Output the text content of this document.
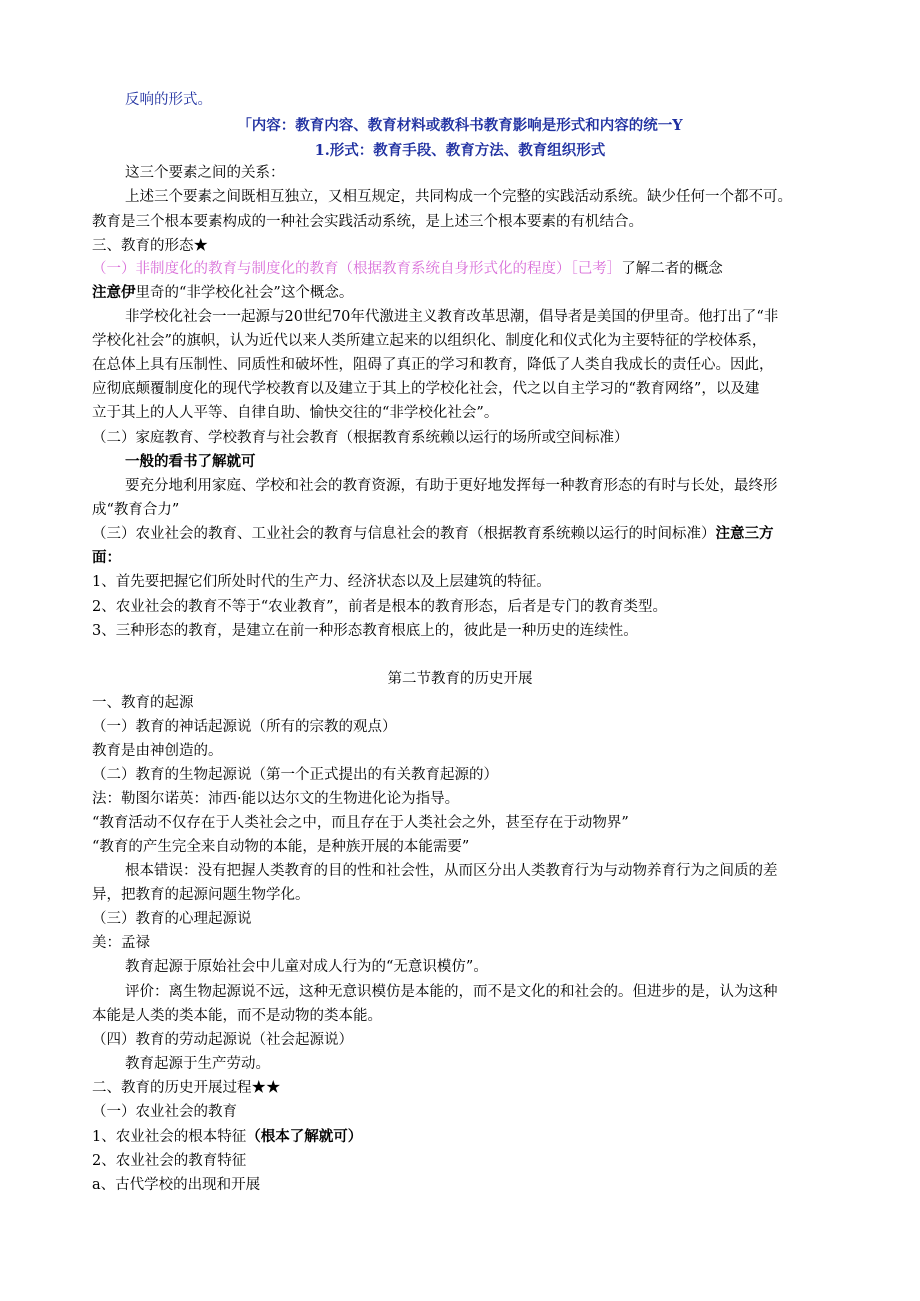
反响的形式。

「内容：教育内容、教育材料或教科书教育影响是形式和内容的统一Y

1.形式：教育手段、教育方法、教育组织形式

这三个要素之间的关系：

上述三个要素之间既相互独立，又相互规定，共同构成一个完整的实践活动系统。缺少任何一个都不可。

教育是三个根本要素构成的一种社会实践活动系统，是上述三个根本要素的有机结合。

三、教育的形态★

（一）非制度化的教育与制度化的教育（根据教育系统自身形式化的程度）［己考］了解二者的概念

注意伊里奇的“非学校化社会”这个概念。

非学校化社会一一起源与20世纪70年代激进主义教育改革思潮，倡导者是美国的伊里奇。他打出了“非

学校化社会”的旗帜，认为近代以来人类所建立起来的以组织化、制度化和仪式化为主要特征的学校体系，

在总体上具有压制性、同质性和破坏性，阻碍了真正的学习和教育，降低了人类自我成长的责任心。因此，

应彻底颠覆制度化的现代学校教育以及建立于其上的学校化社会，代之以自主学习的“教育网络”，以及建

立于其上的人人平等、自律自助、愉快交往的“非学校化社会”。

（二）家庭教育、学校教育与社会教育（根据教育系统赖以运行的场所或空间标准）

一般的看书了解就可

要充分地利用家庭、学校和社会的教育资源，有助于更好地发挥每一种教育形态的有时与长处，最终形

成“教育合力”

（三）农业社会的教育、工业社会的教育与信息社会的教育（根据教育系统赖以运行的时间标准）注意三方

面：

1、首先要把握它们所处时代的生产力、经济状态以及上层建筑的特征。

2、农业社会的教育不等于“农业教育”，前者是根本的教育形态，后者是专门的教育类型。

3、三种形态的教育，是建立在前一种形态教育根底上的，彼此是一种历史的连续性。

第二节教育的历史开展

一、教育的起源

（一）教育的神话起源说（所有的宗教的观点）

教育是由神创造的。

（二）教育的生物起源说（第一个正式提出的有关教育起源的）

法：勒图尔诺英：沛西·能以达尔文的生物进化论为指导。

“教育活动不仅存在于人类社会之中，而且存在于人类社会之外，甚至存在于动物界”

“教育的产生完全来自动物的本能，是种族开展的本能需要”

根本错误：没有把握人类教育的目的性和社会性，从而区分出人类教育行为与动物养育行为之间质的差

异，把教育的起源问题生物学化。

（三）教育的心理起源说

美：孟禄

教育起源于原始社会中儿童对成人行为的“无意识模仿”。

评价：离生物起源说不远，这种无意识模仿是本能的，而不是文化的和社会的。但进步的是，认为这种

本能是人类的类本能，而不是动物的类本能。

（四）教育的劳动起源说（社会起源说）

教育起源于生产劳动。

二、教育的历史开展过程★★

（一）农业社会的教育

1、农业社会的根本特征（根本了解就可）

2、农业社会的教育特征

a、古代学校的出现和开展
